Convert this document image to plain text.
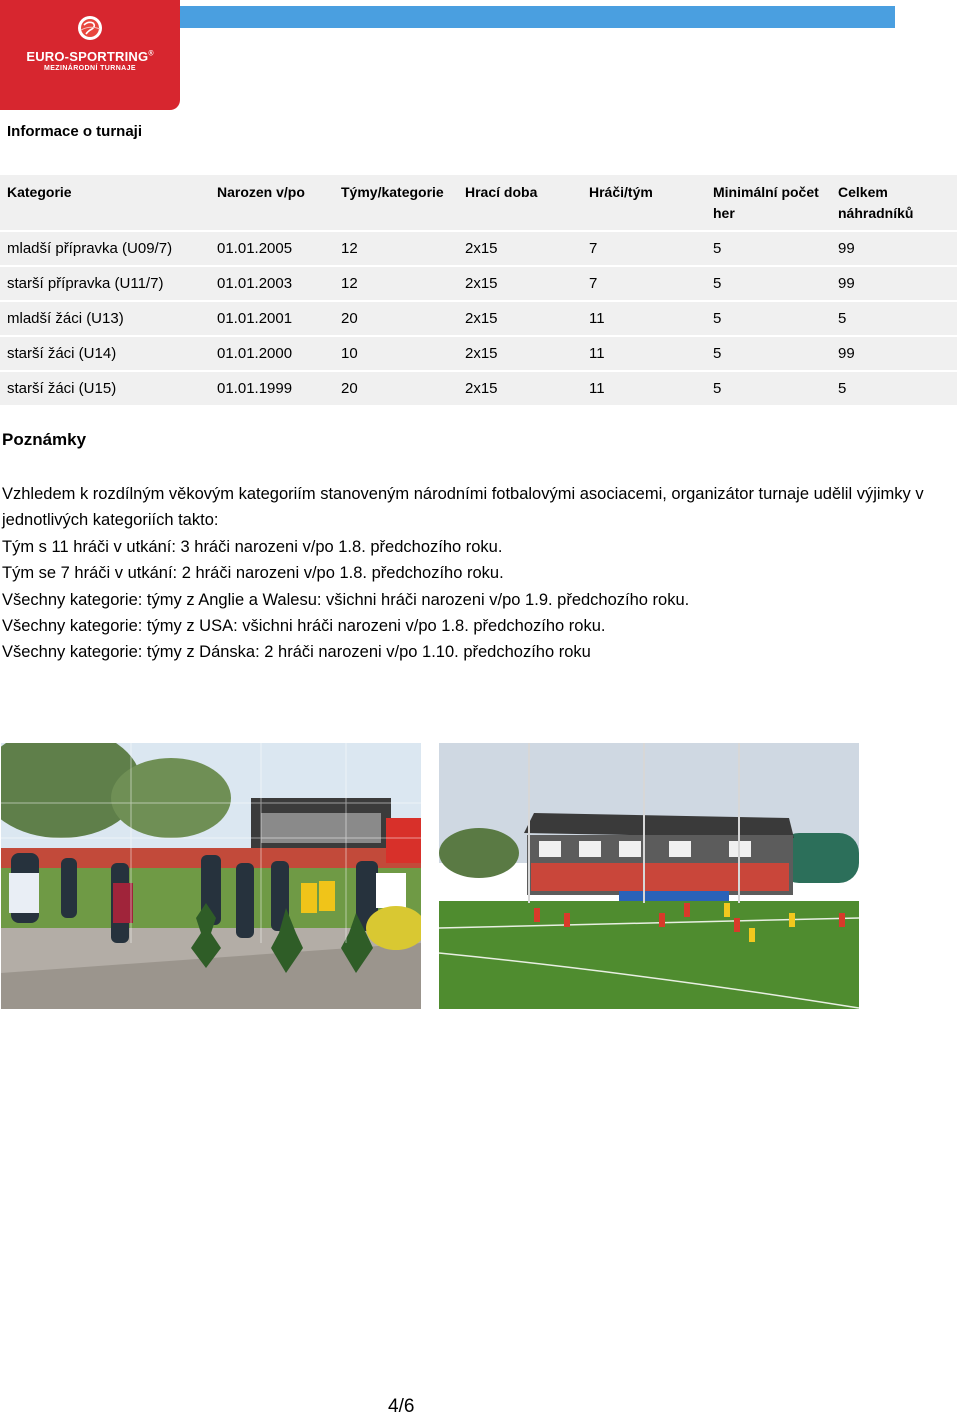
EURO-SPORTRING®
MEZINÁRODNÍ TURNAJE
Informace o turnaji
Kategorie	Narozen v/po	Týmy/kategorie	Hrací doba	Hráči/tým	Minimální počet her	Celkem náhradníků
mladší přípravka (U09/7)	01.01.2005	12	2x15	7	5	99
starší přípravka (U11/7)	01.01.2003	12	2x15	7	5	99
mladší žáci (U13)	01.01.2001	20	2x15	11	5	5
starší žáci (U14)	01.01.2000	10	2x15	11	5	99
starší žáci (U15)	01.01.1999	20	2x15	11	5	5
Poznámky

Vzhledem k rozdílným věkovým kategoriím stanoveným národními fotbalovými asociacemi, organizátor turnaje udělil výjimky v jednotlivých kategoriích takto:

Tým s 11 hráči v utkání: 3 hráči narozeni v/po 1.8. předchozího roku.

Tým se 7 hráči v utkání: 2 hráči narozeni v/po 1.8. předchozího roku.

Všechny kategorie: týmy z Anglie a Walesu: všichni hráči narozeni v/po 1.9. předchozího roku.

Všechny kategorie: týmy z USA: všichni hráči narozeni v/po 1.8. předchozího roku.

Všechny kategorie: týmy z Dánska: 2 hráči narozeni v/po 1.10. předchozího roku

4/6
